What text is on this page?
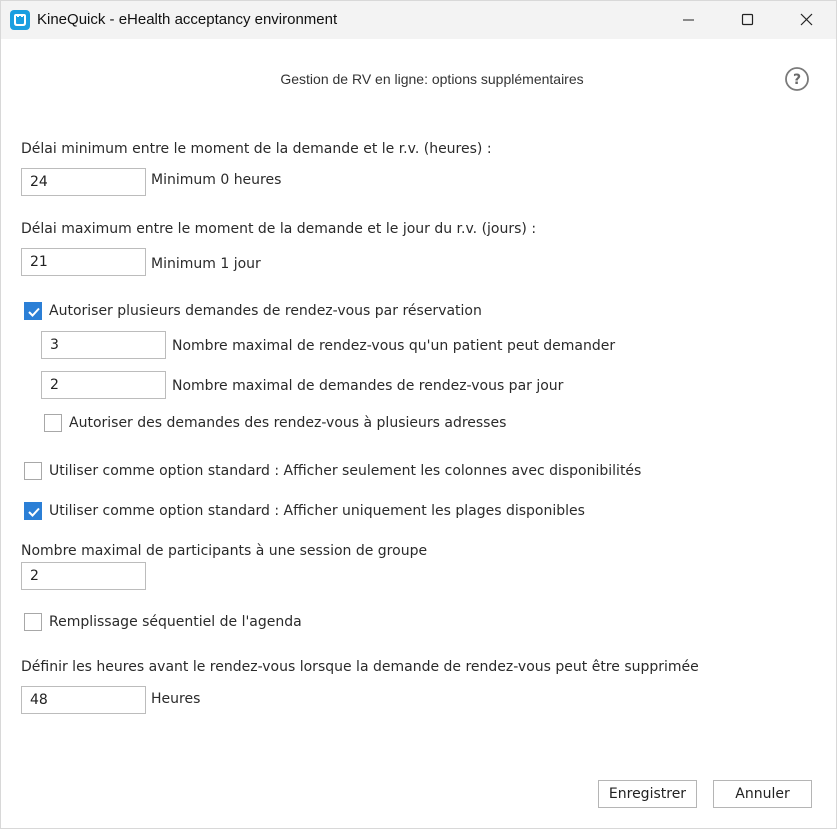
KineQuick - eHealth acceptancy environment
Gestion de RV en ligne: options supplémentaires	?
Délai minimum entre le moment de la demande et le r.v. (heures) :
24
Minimum 0 heures
Délai maximum entre le moment de la demande et le jour du r.v. (jours) :
21
Minimum 1 jour
Autoriser plusieurs demandes de rendez-vous par réservation
3
Nombre maximal de rendez-vous qu'un patient peut demander
2
Nombre maximal de demandes de rendez-vous par jour
Autoriser des demandes des rendez-vous à plusieurs adresses
Utiliser comme option standard : Afficher seulement les colonnes avec disponibilités
Utiliser comme option standard : Afficher uniquement les plages disponibles
Nombre maximal de participants à une session de groupe
2
Remplissage séquentiel de l'agenda
Définir les heures avant le rendez-vous lorsque la demande de rendez-vous peut être supprimée
48
Heures
Enregistrer	Annuler
